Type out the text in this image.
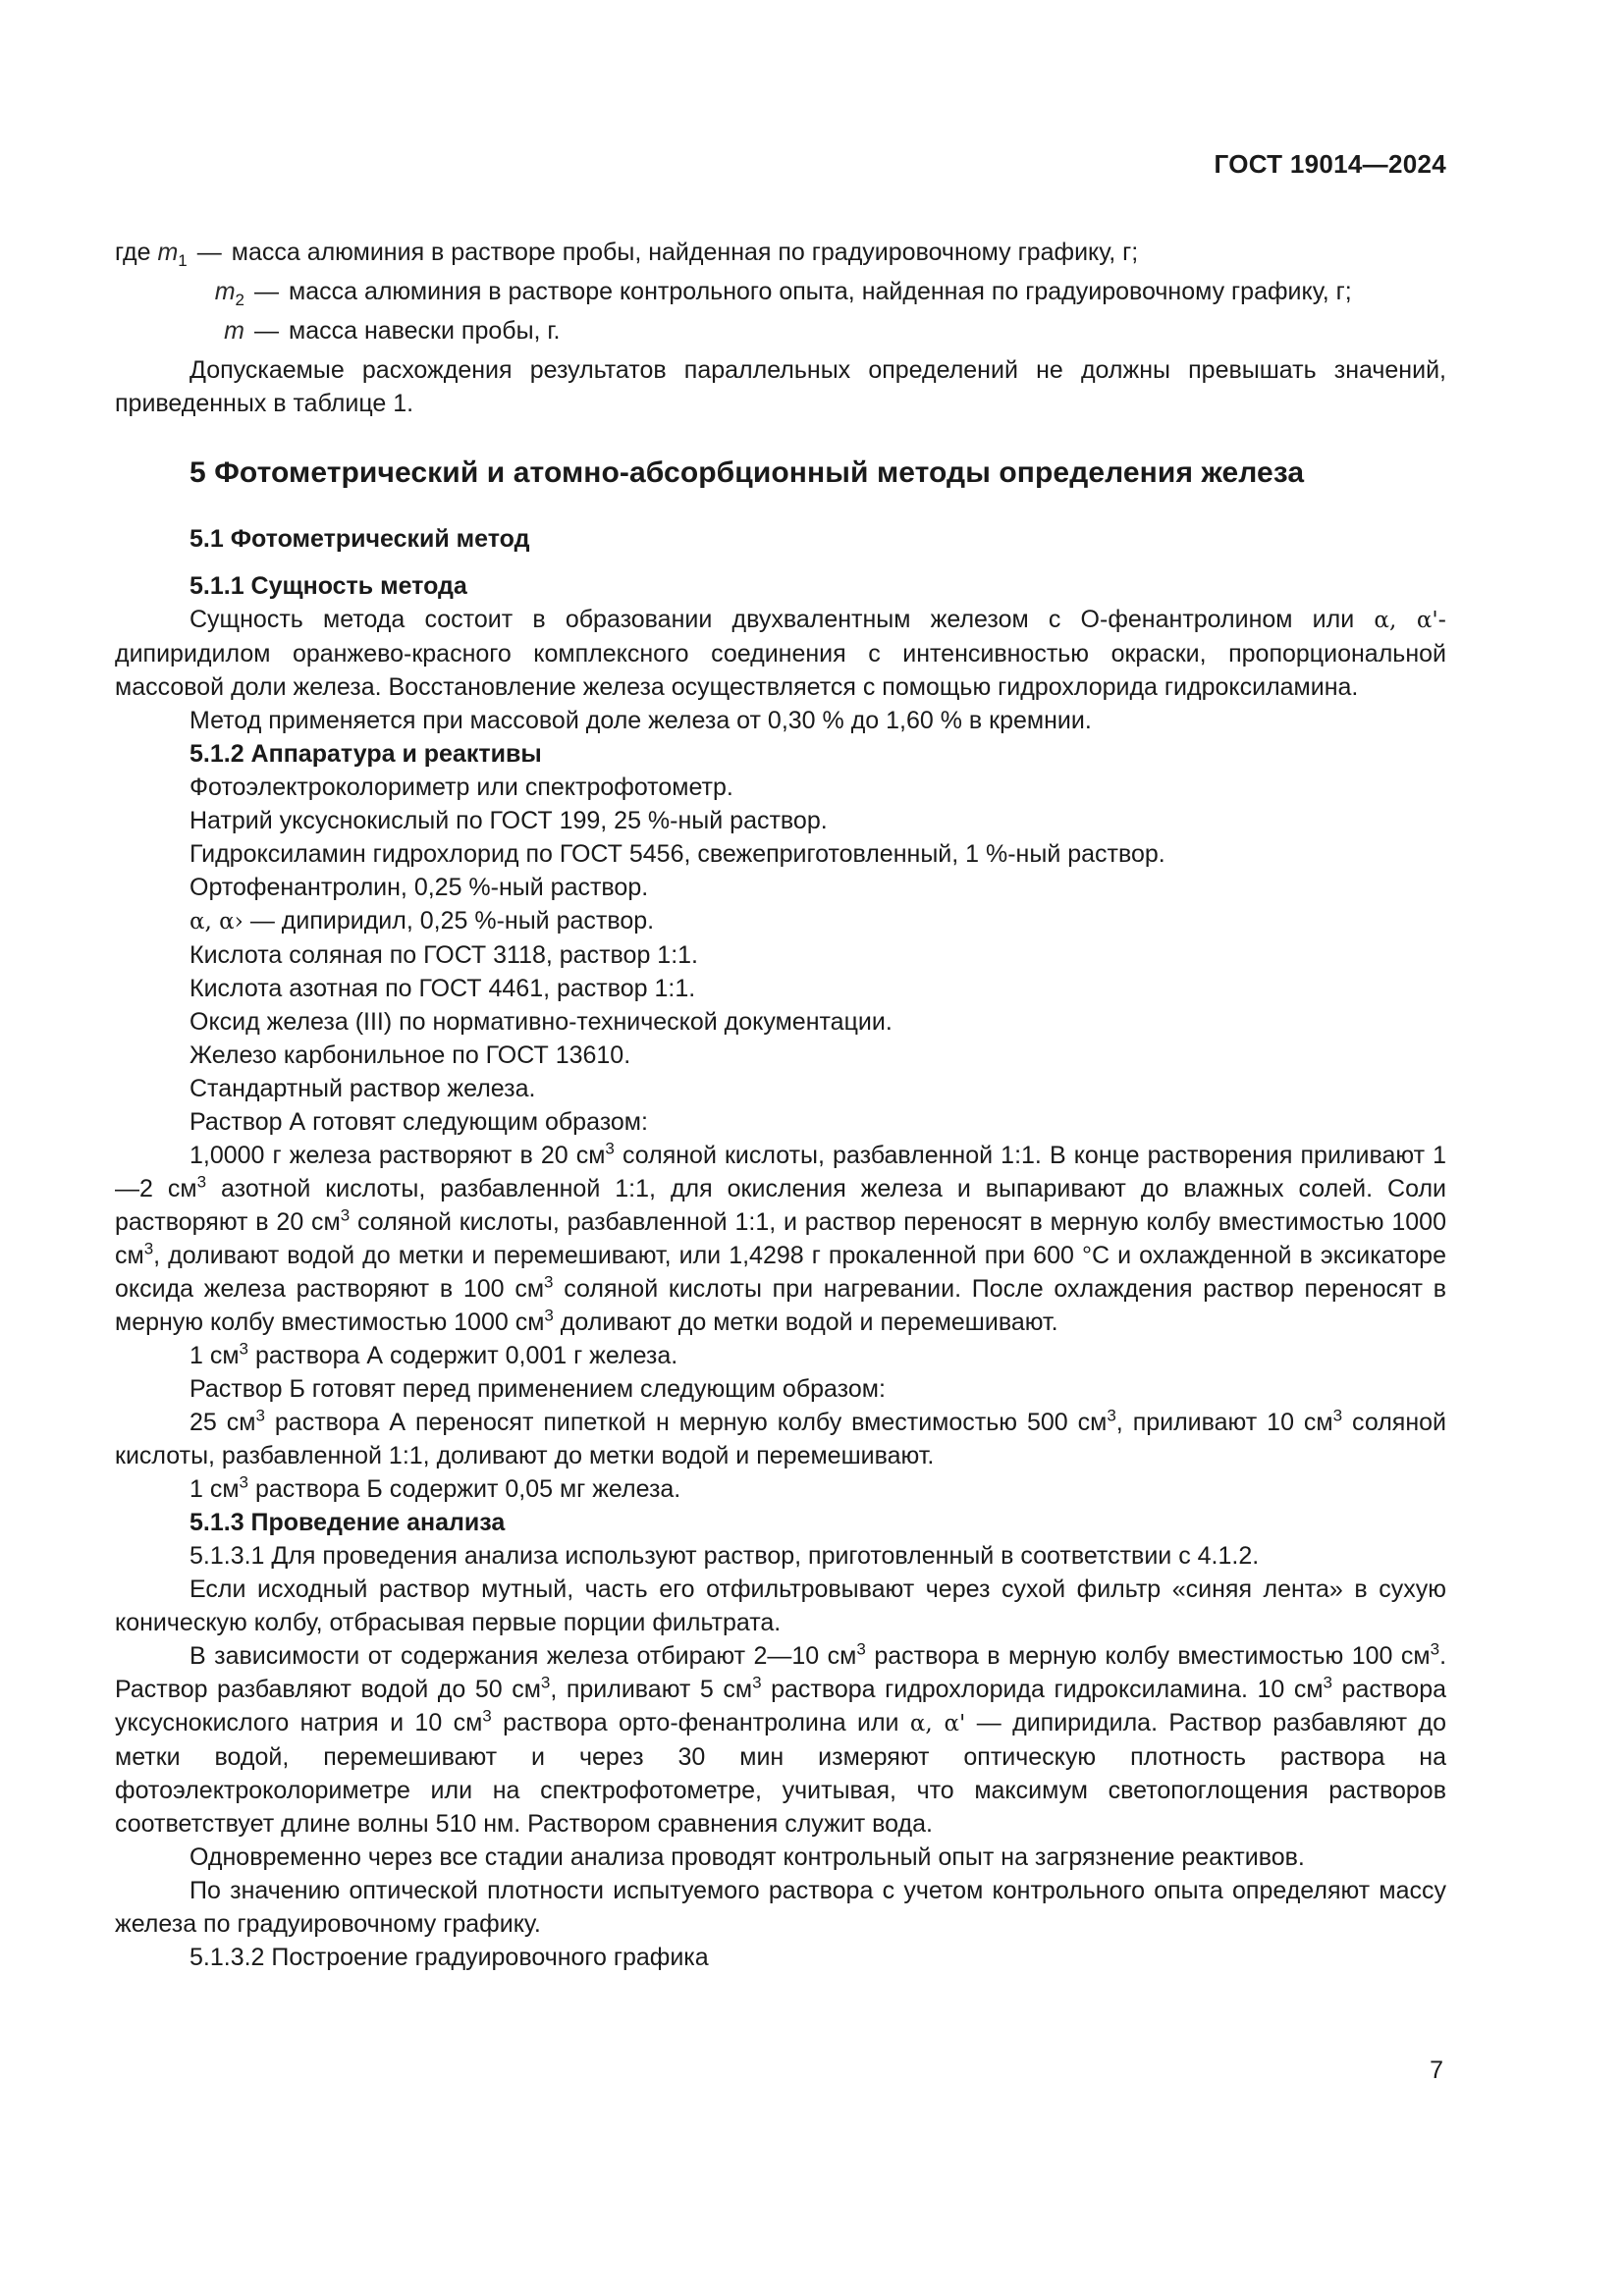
ГОСТ 19014—2024
где $m_1$ — масса алюминия в растворе пробы, найденная по градуировочному графику, г;
$m_2$ — масса алюминия в растворе контрольного опыта, найденная по градуировочному графику, г;
m — масса навески пробы, г.

Допускаемые расхождения результатов параллельных определений не должны превышать значений, приведенных в таблице 1.

5 Фотометрический и атомно-абсорбционный методы определения железа
5.1 Фотометрический метод
5.1.1 Сущность метода

Сущность метода состоит в образовании двухвалентным железом с О-фенантролином или α, α'-дипиридилом оранжево-красного комплексного соединения с интенсивностью окраски, пропорциональной массовой доли железа. Восстановление железа осуществляется с помощью гидрохлорида гидроксиламина.

Метод применяется при массовой доле железа от 0,30 % до 1,60 % в кремнии.

5.1.2 Аппаратура и реактивы

Фотоэлектроколориметр или спектрофотометр.

Натрий уксуснокислый по ГОСТ 199, 25 %-ный раствор.

Гидроксиламин гидрохлорид по ГОСТ 5456, свежеприготовленный, 1 %-ный раствор.

Ортофенантролин, 0,25 %-ный раствор.

α, α› — дипиридил, 0,25 %-ный раствор.

Кислота соляная по ГОСТ 3118, раствор 1:1.

Кислота азотная по ГОСТ 4461, раствор 1:1.

Оксид железа (III) по нормативно-технической документации.

Железо карбонильное по ГОСТ 13610.

Стандартный раствор железа.

Раствор А готовят следующим образом:

1,0000 г железа растворяют в 20 $см^3$ соляной кислоты, разбавленной 1:1. В конце растворения приливают 1—2 $см^3$ азотной кислоты, разбавленной 1:1, для окисления железа и выпаривают до влажных солей. Соли растворяют в 20 $см^3$ соляной кислоты, разбавленной 1:1, и раствор переносят в мерную колбу вместимостью 1000 $см^3$, доливают водой до метки и перемешивают, или 1,4298 г прокаленной при 600 °С и охлажденной в эксикаторе оксида железа растворяют в 100 $см^3$ соляной кислоты при нагревании. После охлаждения раствор переносят в мерную колбу вместимостью 1000 $см^3$ доливают до метки водой и перемешивают.

1 $см^3$ раствора А содержит 0,001 г железа.

Раствор Б готовят перед применением следующим образом:

25 $см^3$ раствора А переносят пипеткой н мерную колбу вместимостью 500 $см^3$, приливают 10 $см^3$ соляной кислоты, разбавленной 1:1, доливают до метки водой и перемешивают.

1 $см^3$ раствора Б содержит 0,05 мг железа.

5.1.3 Проведение анализа

5.1.3.1 Для проведения анализа используют раствор, приготовленный в соответствии с 4.1.2.

Если исходный раствор мутный, часть его отфильтровывают через сухой фильтр «синяя лента» в сухую коническую колбу, отбрасывая первые порции фильтрата.

В зависимости от содержания железа отбирают 2—10 $см^3$ раствора в мерную колбу вместимостью 100 $см^3$. Раствор разбавляют водой до 50 $см^3$, приливают 5 $см^3$ раствора гидрохлорида гидроксиламина. 10 $см^3$ раствора уксуснокислого натрия и 10 $см^3$ раствора орто-фенантролина или α, α' — дипиридила. Раствор разбавляют до метки водой, перемешивают и через 30 мин измеряют оптическую плотность раствора на фотоэлектроколориметре или на спектрофотометре, учитывая, что максимум светопоглощения растворов соответствует длине волны 510 нм. Раствором сравнения служит вода.

Одновременно через все стадии анализа проводят контрольный опыт на загрязнение реактивов.

По значению оптической плотности испытуемого раствора с учетом контрольного опыта определяют массу железа по градуировочному графику.

5.1.3.2 Построение градуировочного графика

7
